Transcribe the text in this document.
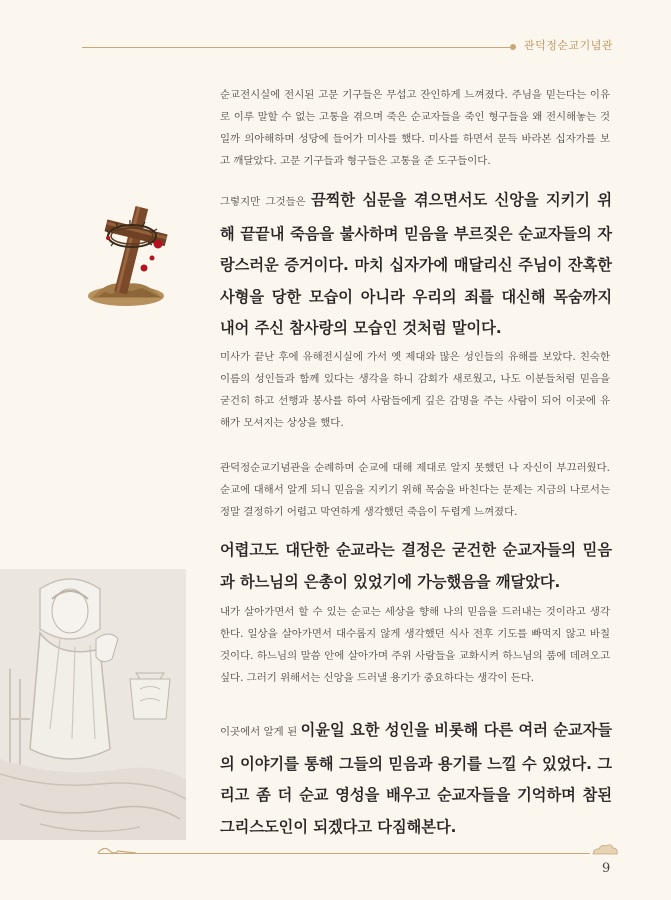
관덕정순교기념관
순교전시실에 전시된 고문 기구들은 무섭고 잔인하게 느껴졌다. 주님을 믿는다는 이유로 이루 말할 수 없는 고통을 겪으며 죽은 순교자들을 죽인 형구들을 왜 전시해놓는 것일까 의아해하며 성당에 들어가 미사를 했다. 미사를 하면서 문득 바라본 십자가를 보고 깨달았다. 고문 기구들과 형구들은 고통을 준 도구들이다.
그렇지만 그것들은 끔찍한 심문을 겪으면서도 신앙을 지키기 위해 끝끝내 죽음을 불사하며 믿음을 부르짖은 순교자들의 자랑스러운 증거이다. 마치 십자가에 매달리신 주님이 잔혹한 사형을 당한 모습이 아니라 우리의 죄를 대신해 목숨까지 내어 주신 참사랑의 모습인 것처럼 말이다.
미사가 끝난 후에 유해전시실에 가서 옛 제대와 많은 성인들의 유해를 보았다. 친숙한 이름의 성인들과 함께 있다는 생각을 하니 감회가 새로웠고, 나도 이분들처럼 믿음을 굳건히 하고 선행과 봉사를 하여 사람들에게 깊은 감명을 주는 사람이 되어 이곳에 유해가 모셔지는 상상을 했다.
관덕정순교기념관을 순례하며 순교에 대해 제대로 알지 못했던 나 자신이 부끄러웠다. 순교에 대해서 알게 되니 믿음을 지키기 위해 목숨을 바친다는 문제는 지금의 나로서는 정말 결정하기 어렵고 막연하게 생각했던 죽음이 두렵게 느껴졌다.
어렵고도 대단한 순교라는 결정은 굳건한 순교자들의 믿음과 하느님의 은총이 있었기에 가능했음을 깨달았다.
내가 살아가면서 할 수 있는 순교는 세상을 향해 나의 믿음을 드러내는 것이라고 생각한다. 일상을 살아가면서 대수롭지 않게 생각했던 식사 전후 기도를 빠먹지 않고 바칠 것이다. 하느님의 말씀 안에 살아가며 주위 사람들을 교화시켜 하느님의 품에 데려오고 싶다. 그러기 위해서는 신앙을 드러낼 용기가 중요하다는 생각이 든다.
이곳에서 알게 된 이윤일 요한 성인을 비롯해 다른 여러 순교자들의 이야기를 통해 그들의 믿음과 용기를 느낄 수 있었다. 그리고 좀 더 순교 영성을 배우고 순교자들을 기억하며 참된 그리스도인이 되겠다고 다짐해본다.
9
